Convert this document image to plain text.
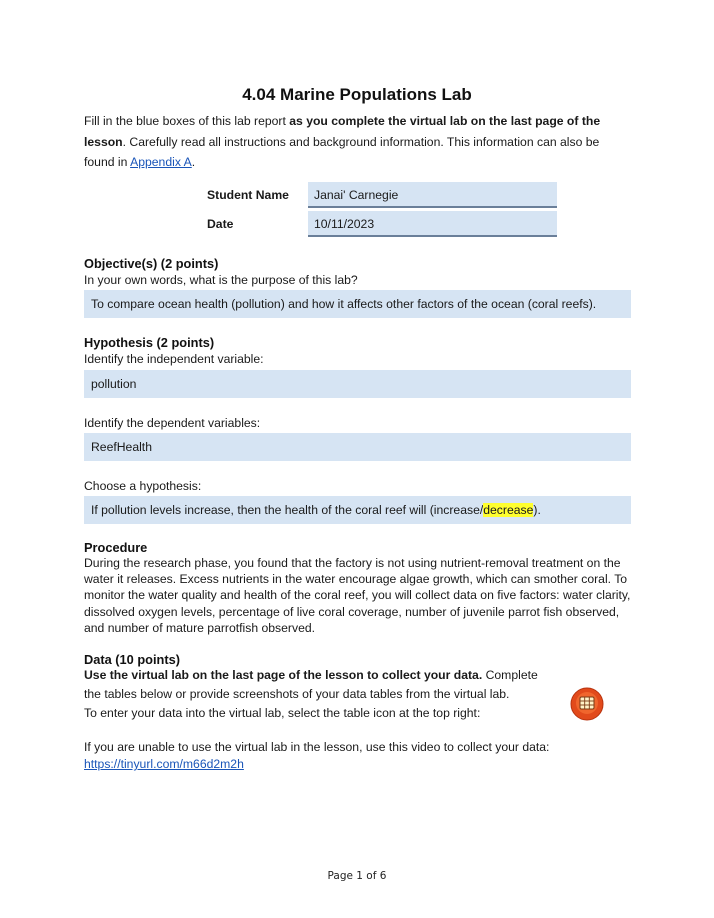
4.04 Marine Populations Lab
Fill in the blue boxes of this lab report as you complete the virtual lab on the last page of the lesson. Carefully read all instructions and background information. This information can also be found in Appendix A.
Student Name	Janai' Carnegie
Date	10/11/2023
Objective(s) (2 points)
In your own words, what is the purpose of this lab?
To compare ocean health (pollution) and how it affects other factors of the ocean (coral reefs).
Hypothesis (2 points)
Identify the independent variable:
pollution
Identify the dependent variables:
ReefHealth
Choose a hypothesis:
If pollution levels increase, then the health of the coral reef will (increase/decrease).
Procedure
During the research phase, you found that the factory is not using nutrient-removal treatment on the water it releases. Excess nutrients in the water encourage algae growth, which can smother coral. To monitor the water quality and health of the coral reef, you will collect data on five factors: water clarity, dissolved oxygen levels, percentage of live coral coverage, number of juvenile parrot fish observed, and number of mature parrotfish observed.
Data (10 points)
Use the virtual lab on the last page of the lesson to collect your data. Complete
the tables below or provide screenshots of your data tables from the virtual lab.
To enter your data into the virtual lab, select the table icon at the top right:
If you are unable to use the virtual lab in the lesson, use this video to collect your data:
https://tinyurl.com/m66d2m2h
Page 1 of 6
